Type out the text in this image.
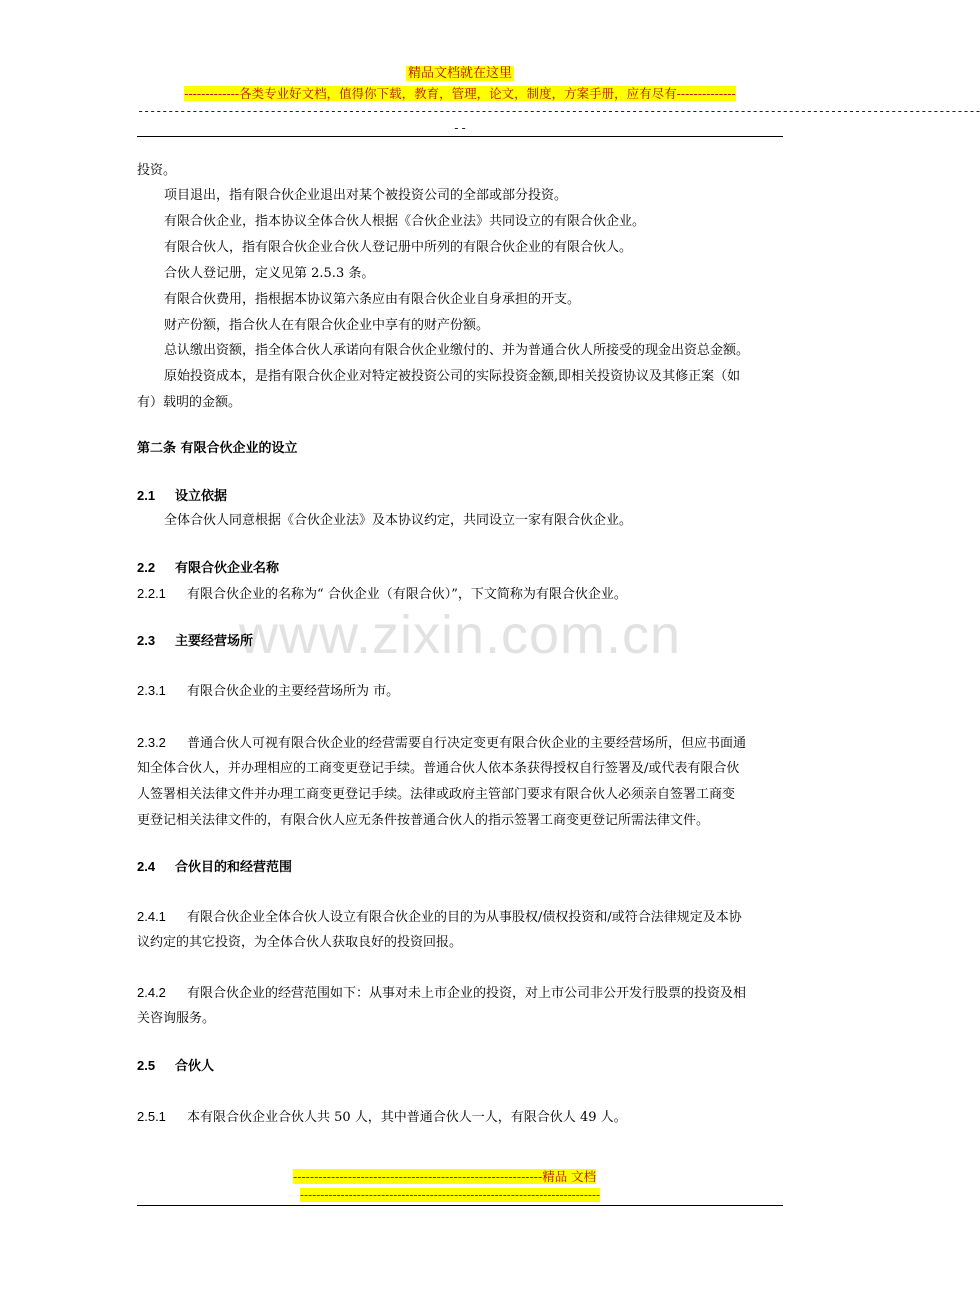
精品文档就在这里
-------------各类专业好文档，值得你下载，教育，管理，论文，制度，方案手册，应有尽有--------------
--------------------------------------------------------------------------------------------------------------------------------------------
--
www.zixin.com.cn
投资。
项目退出，指有限合伙企业退出对某个被投资公司的全部或部分投资。
有限合伙企业，指本协议全体合伙人根据《合伙企业法》共同设立的有限合伙企业。
有限合伙人，指有限合伙企业合伙人登记册中所列的有限合伙企业的有限合伙人。
合伙人登记册，定义见第 2.5.3 条。
有限合伙费用，指根据本协议第六条应由有限合伙企业自身承担的开支。
财产份额，指合伙人在有限合伙企业中享有的财产份额。
总认缴出资额，指全体合伙人承诺向有限合伙企业缴付的、并为普通合伙人所接受的现金出资总金额。
原始投资成本，是指有限合伙企业对特定被投资公司的实际投资金额,即相关投资协议及其修正案（如
有）载明的金额。
第二条 有限合伙企业的设立
2.1 设立依据
全体合伙人同意根据《合伙企业法》及本协议约定，共同设立一家有限合伙企业。
2.2 有限合伙企业名称
2.2.1 有限合伙企业的名称为“ 合伙企业（有限合伙）”，下文简称为有限合伙企业。
2.3 主要经营场所
2.3.1 有限合伙企业的主要经营场所为 市。
2.3.2 普通合伙人可视有限合伙企业的经营需要自行决定变更有限合伙企业的主要经营场所，但应书面通
知全体合伙人，并办理相应的工商变更登记手续。普通合伙人依本条获得授权自行签署及/或代表有限合伙
人签署相关法律文件并办理工商变更登记手续。法律或政府主管部门要求有限合伙人必须亲自签署工商变
更登记相关法律文件的，有限合伙人应无条件按普通合伙人的指示签署工商变更登记所需法律文件。
2.4 合伙目的和经营范围
2.4.1 有限合伙企业全体合伙人设立有限合伙企业的目的为从事股权/债权投资和/或符合法律规定及本协
议约定的其它投资，为全体合伙人获取良好的投资回报。
2.4.2 有限合伙企业的经营范围如下：从事对未上市企业的投资，对上市公司非公开发行股票的投资及相
关咨询服务。
2.5 合伙人
2.5.1 本有限合伙企业合伙人共 50 人，其中普通合伙人一人，有限合伙人 49 人。
-----------------------------------------------------------精品 文档
--------------------------------------------------------------------------
